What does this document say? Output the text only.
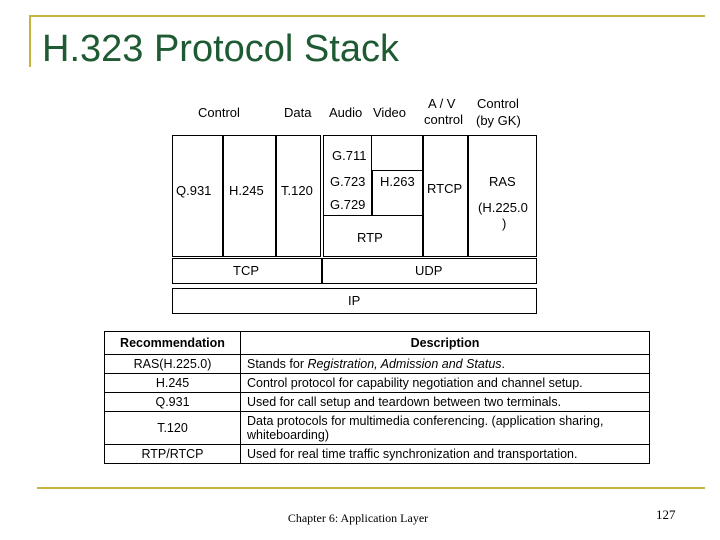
H.323 Protocol Stack
Control	Data Audio Video
A / V
control
Control
(by GK)
Q.931 H.245 T.120
RTP
G.711
G.723
G.729
H.263 RTCP RAS
(H.225.0
)
TCP	UDP
IP
Recommendation	Description
RAS(H.225.0)	Stands for Registration, Admission and Status.
H.245	Control protocol for capability negotiation and channel setup.
Q.931	Used for call setup and teardown between two terminals.
T.120	Data protocols for multimedia conferencing. (application sharing, whiteboarding)
RTP/RTCP	Used for real time traffic synchronization and transportation.
Chapter 6: Application Layer	127
